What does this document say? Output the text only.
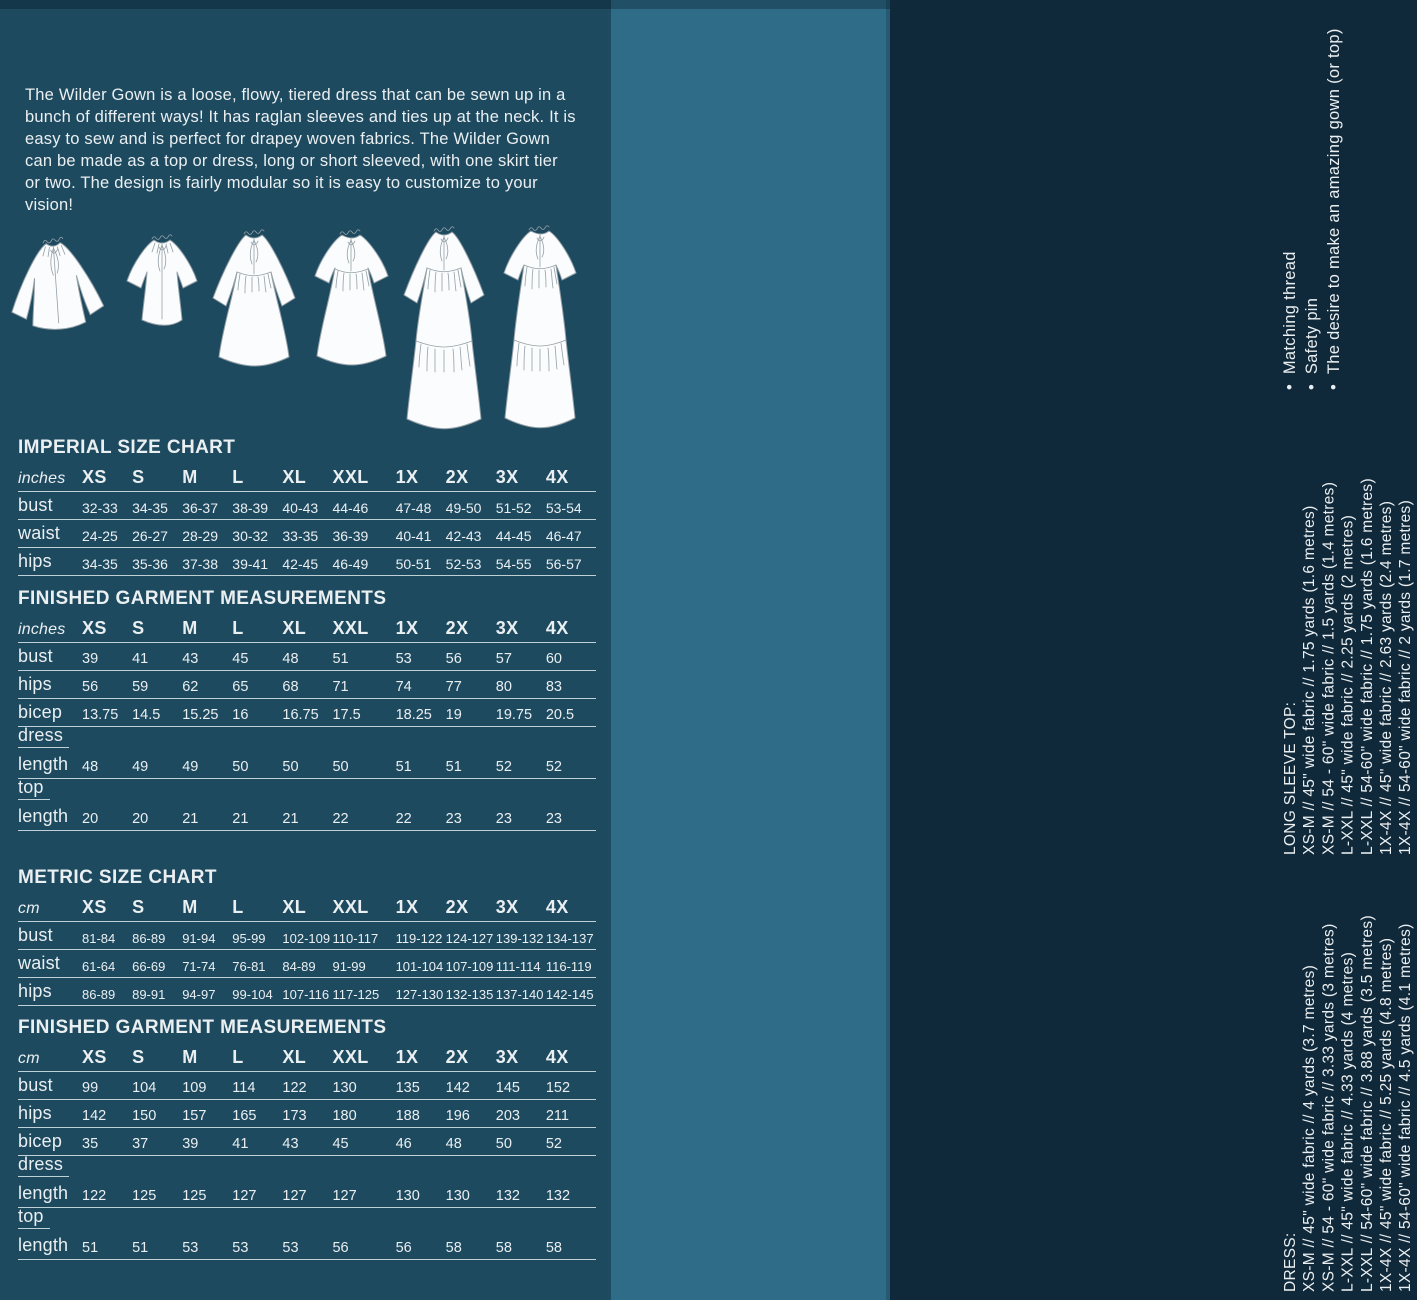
The Wilder Gown is a loose, flowy, tiered dress that can be sewn up in a bunch of different ways! It has raglan sleeves and ties up at the neck. It is easy to sew and is perfect for drapey woven fabrics. The Wilder Gown can be made as a top or dress, long or short sleeved, with one skirt tier or two. The design is fairly modular so it is easy to customize to your vision!

IMPERIAL SIZE CHART
inches XS	S	M	L	XL	XXL	1X	2X	3X	4X
bust	32-33	34-35	36-37	38-39	40-43	44-46	47-48	49-50	51-52	53-54
waist	24-25	26-27	28-29	30-32	33-35	36-39	40-41	42-43	44-45	46-47
hips	34-35	35-36	37-38	39-41	42-45	46-49	50-51	52-53	54-55	56-57
FINISHED GARMENT MEASUREMENTS
inches XS	S	M	L	XL	XXL	1X	2X	3X	4X
bust	39	41	43	45	48	51	53	56	57	60
hips	56	59	62	65	68	71	74	77	80	83
bicep	13.75 14.5	15.25 16	16.75 17.5	18.25 19	19.75 20.5
dress
length 48	49	49	50	50	50	51	51	52	52
top
length 20	20	21	21	21	22	22	23	23	23
METRIC SIZE CHART
cm	XS	S	M	L	XL	XXL	1X	2X	3X	4X
bust	81-84	86-89	91-94	95-99	102-109 110-117	119-122 124-127 139-132 134-137
waist	61-64	66-69	71-74	76-81	84-89	91-99	101-104 107-109 111-114 116-119
hips	86-89	89-91	94-97	99-104 107-116 117-125 127-130 132-135 137-140 142-145
FINISHED GARMENT MEASUREMENTS
cm	XS	S	M	L	XL	XXL	1X	2X	3X	4X
bust	99	104	109	114	122	130	135	142	145	152
hips	142	150	157	165	173	180	188	196	203	211
bicep	35	37	39	41	43	45	46	48	50	52
dress
length 122	125	125	127	127	127	130	130	132	132
top
length 51	51	53	53	53	56	56	58	58	58
•  Matching thread •  Safety pin •  The desire to make an amazing gown (or top)
LONG SLEEVE TOP: XS-M // 45" wide fabric // 1.75 yards (1.6 metres) XS-M // 54 - 60" wide fabric // 1.5 yards (1.4 metres) L-XXL // 45" wide fabric // 2.25 yards (2 metres) L-XXL // 54-60" wide fabric // 1.75 yards (1.6 metres) 1X-4X // 45" wide fabric // 2.63 yards (2.4 metres) 1X-4X // 54-60" wide fabric // 2 yards (1.7 metres)
DRESS: XS-M // 45" wide fabric // 4 yards (3.7 metres) XS-M // 54 - 60" wide fabric // 3.33 yards (3 metres) L-XXL // 45" wide fabric // 4.33 yards (4 metres) L-XXL // 54-60" wide fabric // 3.88 yards (3.5 metres) 1X-4X // 45" wide fabric // 5.25 yards (4.8 metres) 1X-4X // 54-60" wide fabric // 4.5 yards (4.1 metres)
